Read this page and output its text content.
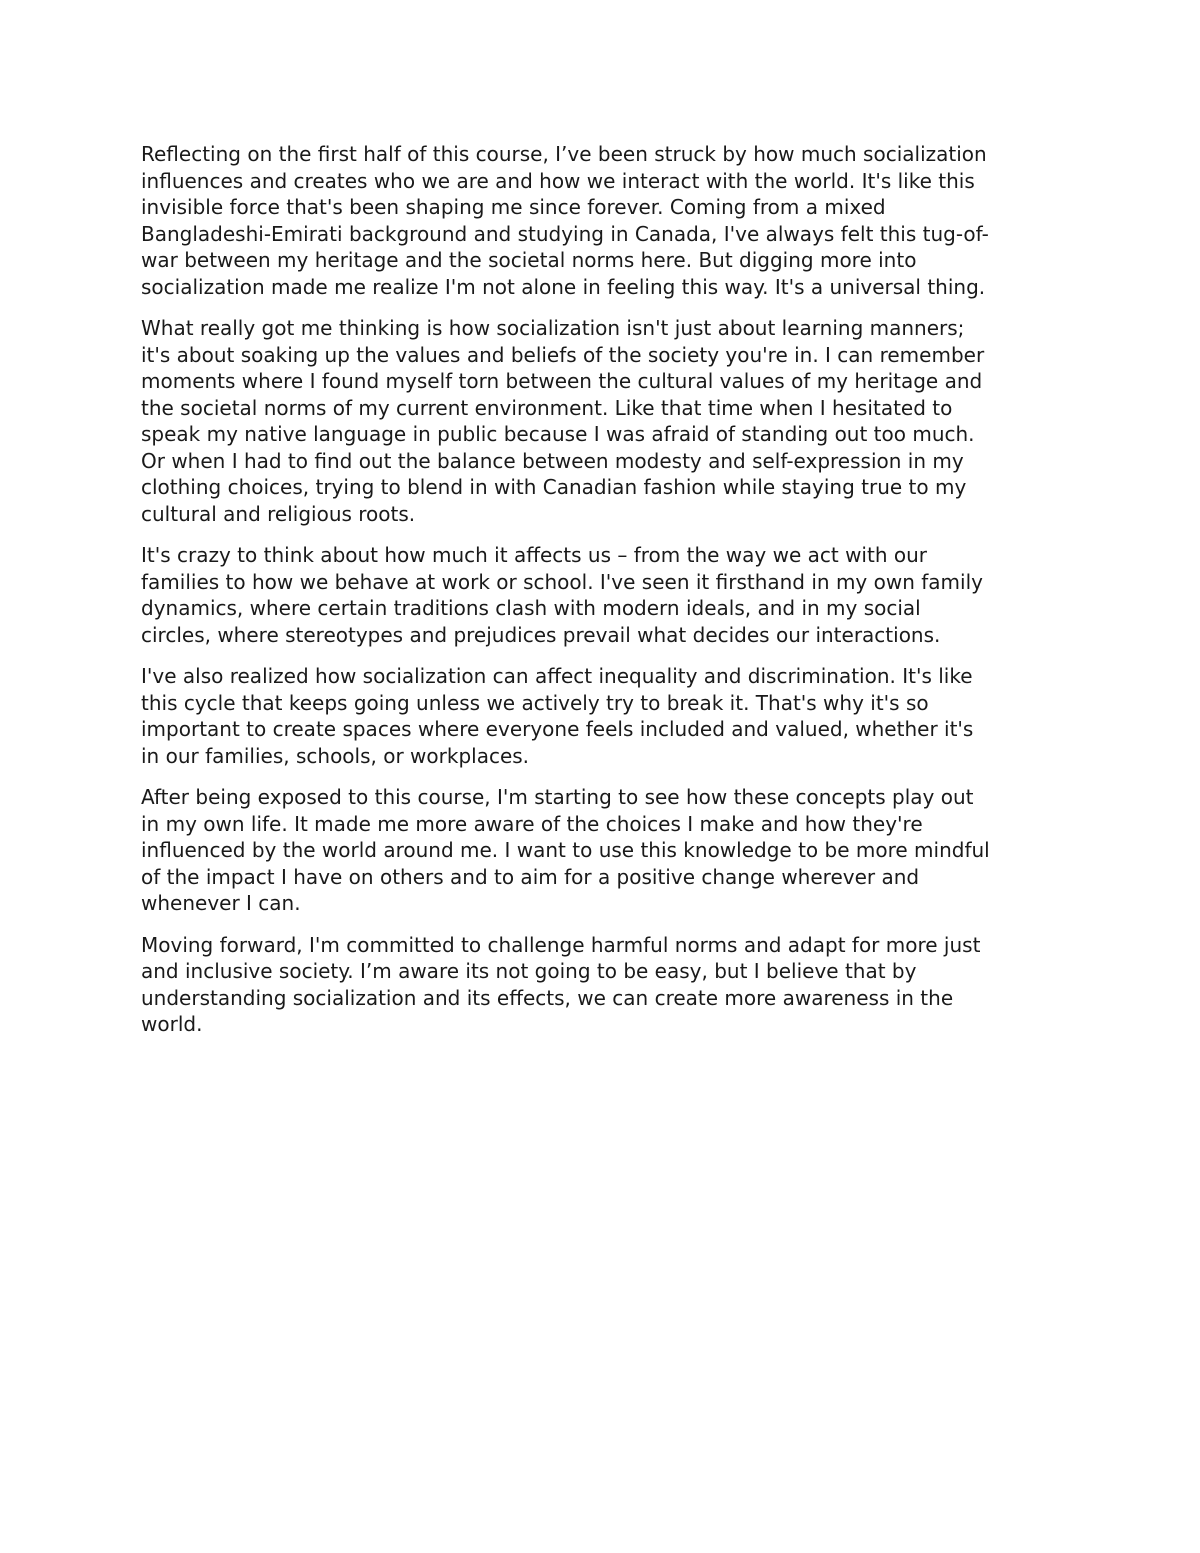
Reflecting on the first half of this course, I’ve been struck by how much socialization
influences and creates who we are and how we interact with the world. It's like this
invisible force that's been shaping me since forever. Coming from a mixed
Bangladeshi-Emirati background and studying in Canada, I've always felt this tug-of-
war between my heritage and the societal norms here. But digging more into
socialization made me realize I'm not alone in feeling this way. It's a universal thing.

What really got me thinking is how socialization isn't just about learning manners;
it's about soaking up the values and beliefs of the society you're in. I can remember
moments where I found myself torn between the cultural values of my heritage and
the societal norms of my current environment. Like that time when I hesitated to
speak my native language in public because I was afraid of standing out too much.
Or when I had to find out the balance between modesty and self-expression in my
clothing choices, trying to blend in with Canadian fashion while staying true to my
cultural and religious roots.

It's crazy to think about how much it affects us – from the way we act with our
families to how we behave at work or school. I've seen it firsthand in my own family
dynamics, where certain traditions clash with modern ideals, and in my social
circles, where stereotypes and prejudices prevail what decides our interactions.

I've also realized how socialization can affect inequality and discrimination. It's like
this cycle that keeps going unless we actively try to break it. That's why it's so
important to create spaces where everyone feels included and valued, whether it's
in our families, schools, or workplaces.

After being exposed to this course, I'm starting to see how these concepts play out
in my own life. It made me more aware of the choices I make and how they're
influenced by the world around me. I want to use this knowledge to be more mindful
of the impact I have on others and to aim for a positive change wherever and
whenever I can.

Moving forward, I'm committed to challenge harmful norms and adapt for more just
and inclusive society. I’m aware its not going to be easy, but I believe that by
understanding socialization and its effects, we can create more awareness in the
world.
